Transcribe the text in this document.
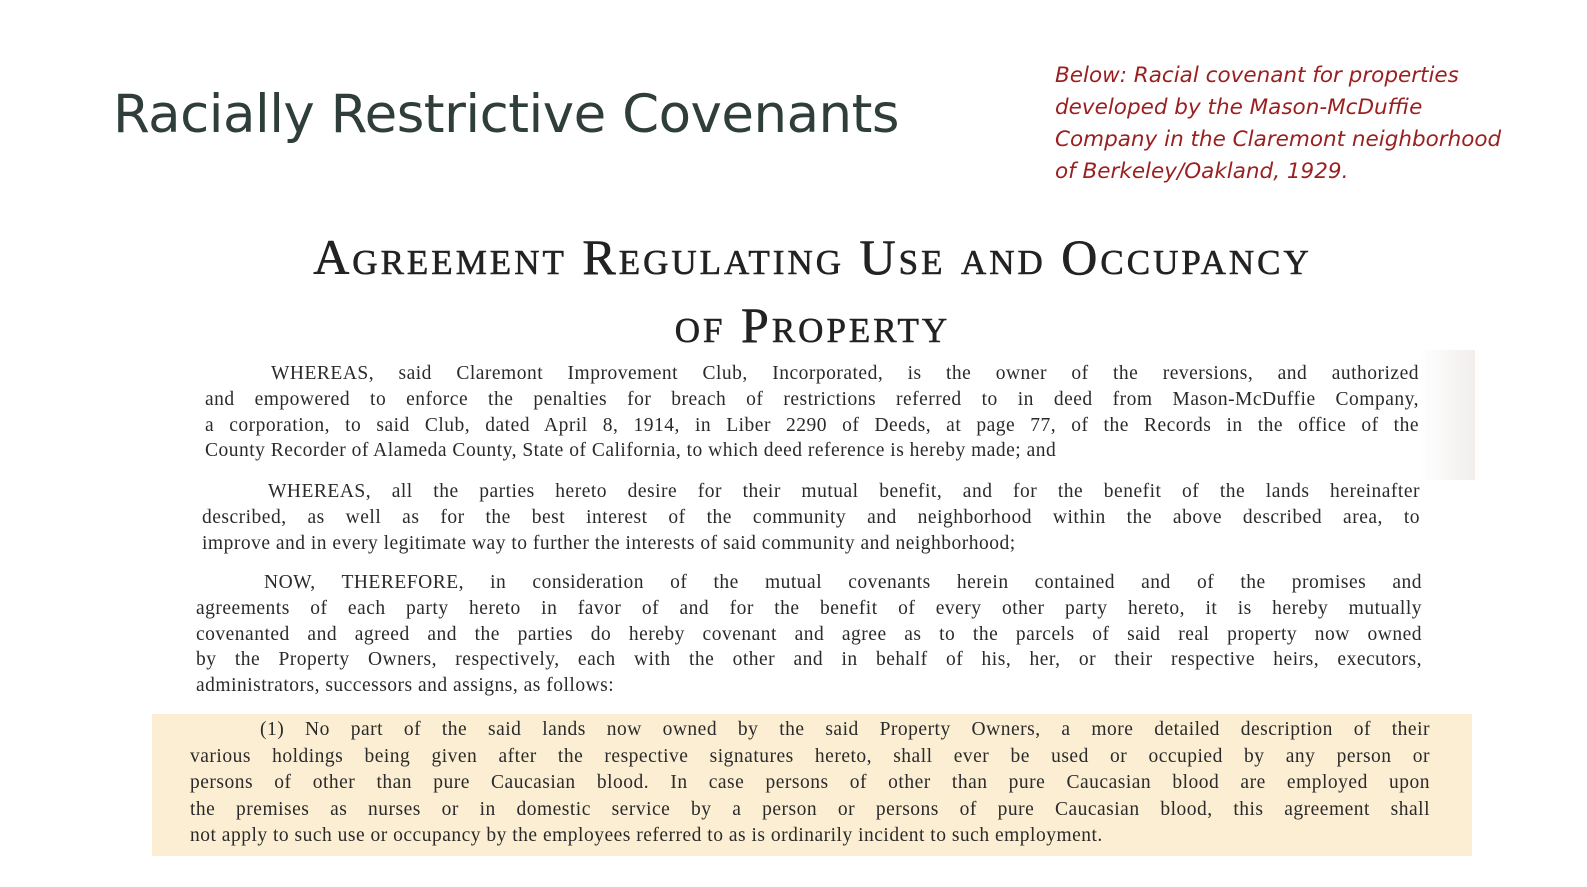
Racially Restrictive Covenants
Below: Racial covenant for properties
developed by the Mason-McDuffie
Company in the Claremont neighborhood
of Berkeley/Oakland, 1929.
Agreement Regulating Use and Occupancy
of Property

WHEREAS, said Claremont Improvement Club, Incorporated, is the owner of the reversions, and authorized
and empowered to enforce the penalties for breach of restrictions referred to in deed from Mason-McDuffie Company,
a corporation, to said Club, dated April 8, 1914, in Liber 2290 of Deeds, at page 77, of the Records in the office of the
County Recorder of Alameda County, State of California, to which deed reference is hereby made; and

WHEREAS, all the parties hereto desire for their mutual benefit, and for the benefit of the lands hereinafter
described, as well as for the best interest of the community and neighborhood within the above described area, to
improve and in every legitimate way to further the interests of said community and neighborhood;

NOW, THEREFORE, in consideration of the mutual covenants herein contained and of the promises and
agreements of each party hereto in favor of and for the benefit of every other party hereto, it is hereby mutually
covenanted and agreed and the parties do hereby covenant and agree as to the parcels of said real property now owned
by the Property Owners, respectively, each with the other and in behalf of his, her, or their respective heirs, executors,
administrators, successors and assigns, as follows:

(1) No part of the said lands now owned by the said Property Owners, a more detailed description of their
various holdings being given after the respective signatures hereto, shall ever be used or occupied by any person or
persons of other than pure Caucasian blood. In case persons of other than pure Caucasian blood are employed upon
the premises as nurses or in domestic service by a person or persons of pure Caucasian blood, this agreement shall
not apply to such use or occupancy by the employees referred to as is ordinarily incident to such employment.
